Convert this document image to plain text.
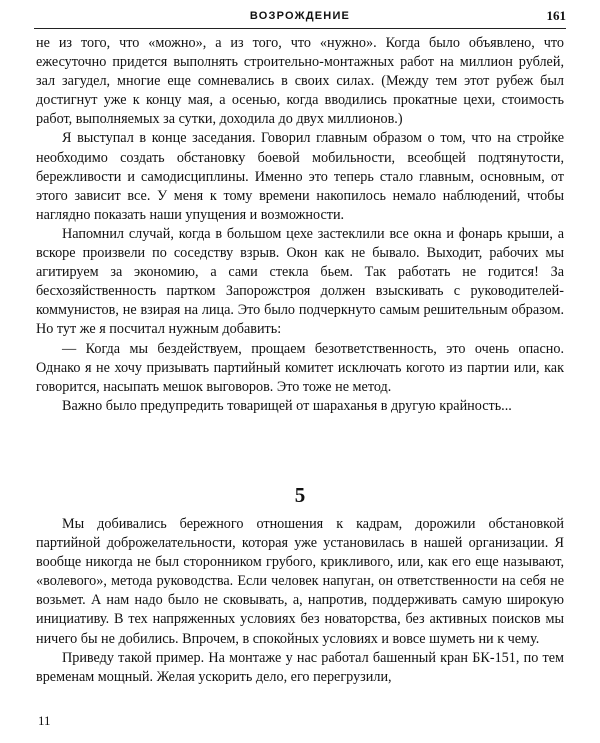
ВОЗРОЖДЕНИЕ	161

не из того, что «можно», а из того, что «нужно». Когда было объявлено, что ежесуточно придется выполнять строительно-монтажных работ на миллион рублей, зал загудел, многие еще сомневались в своих силах. (Между тем этот рубеж был достигнут уже к концу мая, а осенью, когда вводились прокатные цехи, стоимость работ, выполняемых за сутки, доходила до двух миллионов.)

Я выступал в конце заседания. Говорил главным образом о том, что на стройке необходимо создать обстановку боевой мобильности, всеобщей подтянутости, бережливости и самодисциплины. Именно это теперь стало главным, основным, от этого зависит все. У меня к тому времени накопилось немало наблюдений, чтобы наглядно показать наши упущения и возможности.

Напомнил случай, когда в большом цехе застеклили все окна и фонарь крыши, а вскоре произвели по соседству взрыв. Окон как не бывало. Выходит, рабочих мы агитируем за экономию, а сами стекла бьем. Так работать не годится! За бесхозяйственность партком Запорожстроя должен взыскивать с руководителей-коммунистов, не взирая на лица. Это было подчеркнуто самым решительным образом. Но тут же я посчитал нужным добавить:

— Когда мы бездействуем, прощаем безответственность, это очень опасно. Однако я не хочу призывать партийный комитет исключать когото из партии или, как говорится, насыпать мешок выговоров. Это тоже не метод.

Важно было предупредить товарищей от шараханья в другую крайность...

5

Мы добивались бережного отношения к кадрам, дорожили обстановкой партийной доброжелательности, которая уже установилась в нашей организации. Я вообще никогда не был сторонником грубого, крикливого, или, как его еще называют, «волевого», метода руководства. Если человек напуган, он ответственности на себя не возьмет. А нам надо было не сковывать, а, напротив, поддерживать самую широкую инициативу. В тех напряженных условиях без новаторства, без активных поисков мы ничего бы не добились. Впрочем, в спокойных условиях и вовсе шуметь ни к чему.

Приведу такой пример. На монтаже у нас работал башенный кран БК-151, по тем временам мощный. Желая ускорить дело, его перегрузили,

11
